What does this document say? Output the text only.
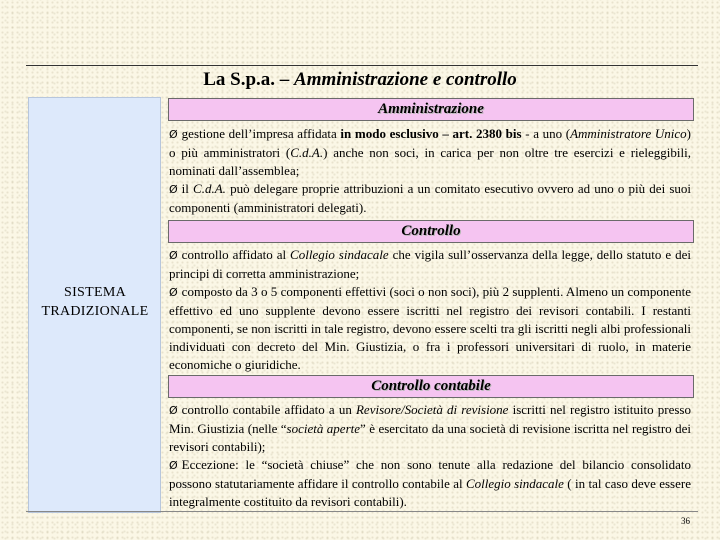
La S.p.a. – Amministrazione e controllo
SISTEMA
TRADIZIONALE
Amministrazione

Ø gestione dell’impresa affidata in modo esclusivo – art. 2380 bis - a uno (Amministratore Unico) o più amministratori (C.d.A.) anche non soci, in carica per non oltre tre esercizi e rieleggibili, nominati dall’assemblea;

Ø il C.d.A. può delegare proprie attribuzioni a un comitato esecutivo ovvero ad uno o più dei suoi componenti (amministratori delegati).

Controllo

Ø controllo affidato al Collegio sindacale che vigila sull’osservanza della legge, dello statuto e dei principi di corretta amministrazione;

Ø composto da 3 o 5 componenti effettivi (soci o non soci), più 2 supplenti. Almeno un componente effettivo ed uno supplente devono essere iscritti nel registro dei revisori contabili. I restanti componenti, se non iscritti in tale registro, devono essere scelti tra gli iscritti negli albi professionali individuati con decreto del Min. Giustizia, o fra i professori universitari di ruolo, in materie economiche o giuridiche.

Controllo contabile

Ø controllo contabile affidato a un Revisore/Società di revisione iscritti nel registro istituito presso Min. Giustizia (nelle “società aperte” è esercitato da una società di revisione iscritta nel registro dei revisori contabili);

Ø Eccezione: le “società chiuse” che non sono tenute alla redazione del bilancio consolidato possono statutariamente affidare il controllo contabile al Collegio sindacale ( in tal caso deve essere integralmente costituito da revisori contabili).

36
